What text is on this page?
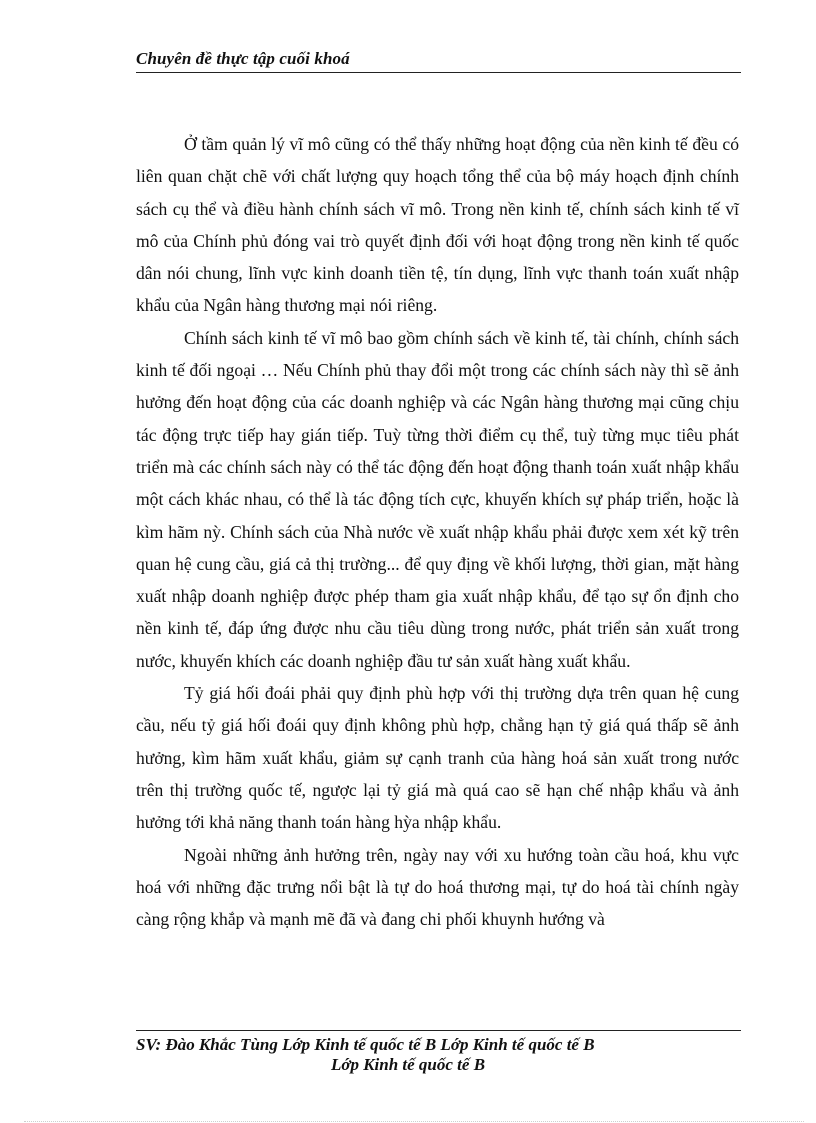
Chuyên đề thực tập cuối khoá

Ở tầm quản lý vĩ mô cũng có thể thấy những hoạt động của nền kinh tế đều có liên quan chặt chẽ với chất lượng quy hoạch tổng thể của bộ máy hoạch định chính sách cụ thể và điều hành chính sách vĩ mô. Trong nền kinh tế, chính sách kinh tế vĩ mô của Chính phủ đóng vai trò quyết định đối với hoạt động trong nền kinh tế quốc dân nói chung, lĩnh vực kinh doanh tiền tệ, tín dụng, lĩnh vực thanh toán xuất nhập khẩu của Ngân hàng thương mại nói riêng.

Chính sách kinh tế vĩ mô bao gồm chính sách về kinh tế, tài chính, chính sách kinh tế đối ngoại … Nếu Chính phủ thay đổi một trong các chính sách này thì sẽ ảnh hưởng đến hoạt động của các doanh nghiệp và các Ngân hàng thương mại cũng chịu tác động trực tiếp hay gián tiếp. Tuỳ từng thời điểm cụ thể, tuỳ từng mục tiêu phát triển mà các chính sách này có thể tác động đến hoạt động thanh toán xuất nhập khẩu một cách khác nhau, có thể là tác động tích cực, khuyến khích sự pháp triển, hoặc là kìm hãm nỳ. Chính sách của Nhà nước về xuất nhập khẩu phải được xem xét kỹ trên quan hệ cung cầu, giá cả thị trường... để quy địng về khối lượng, thời gian, mặt hàng xuất nhập doanh nghiệp được phép tham gia xuất nhập khẩu, để tạo sự ổn định cho nền kinh tế, đáp ứng được nhu cầu tiêu dùng trong nước, phát triển sản xuất trong nước, khuyến khích các doanh nghiệp đầu tư sản xuất hàng xuất khẩu.

Tỷ giá hối đoái phải quy định phù hợp với thị trường dựa trên quan hệ cung cầu, nếu tỷ giá hối đoái quy định không phù hợp, chẳng hạn tỷ giá quá thấp sẽ ảnh hưởng, kìm hãm xuất khẩu, giảm sự cạnh tranh của hàng hoá sản xuất trong nước trên thị trường quốc tế, ngược lại tỷ giá mà quá cao sẽ hạn chế nhập khẩu và ảnh hưởng tới khả năng thanh toán hàng hỳa nhập khẩu.

Ngoài những ảnh hưởng trên, ngày nay với xu hướng toàn cầu hoá, khu vực hoá với những đặc trưng nổi bật là tự do hoá thương mại, tự do hoá tài chính ngày càng rộng khắp và mạnh mẽ đã và đang chi phối khuynh hướng và

SV: Đào Khắc Tùng Lớp Kinh tế quốc tế B Lớp Kinh tế quốc tế B
Lớp Kinh tế quốc tế B
